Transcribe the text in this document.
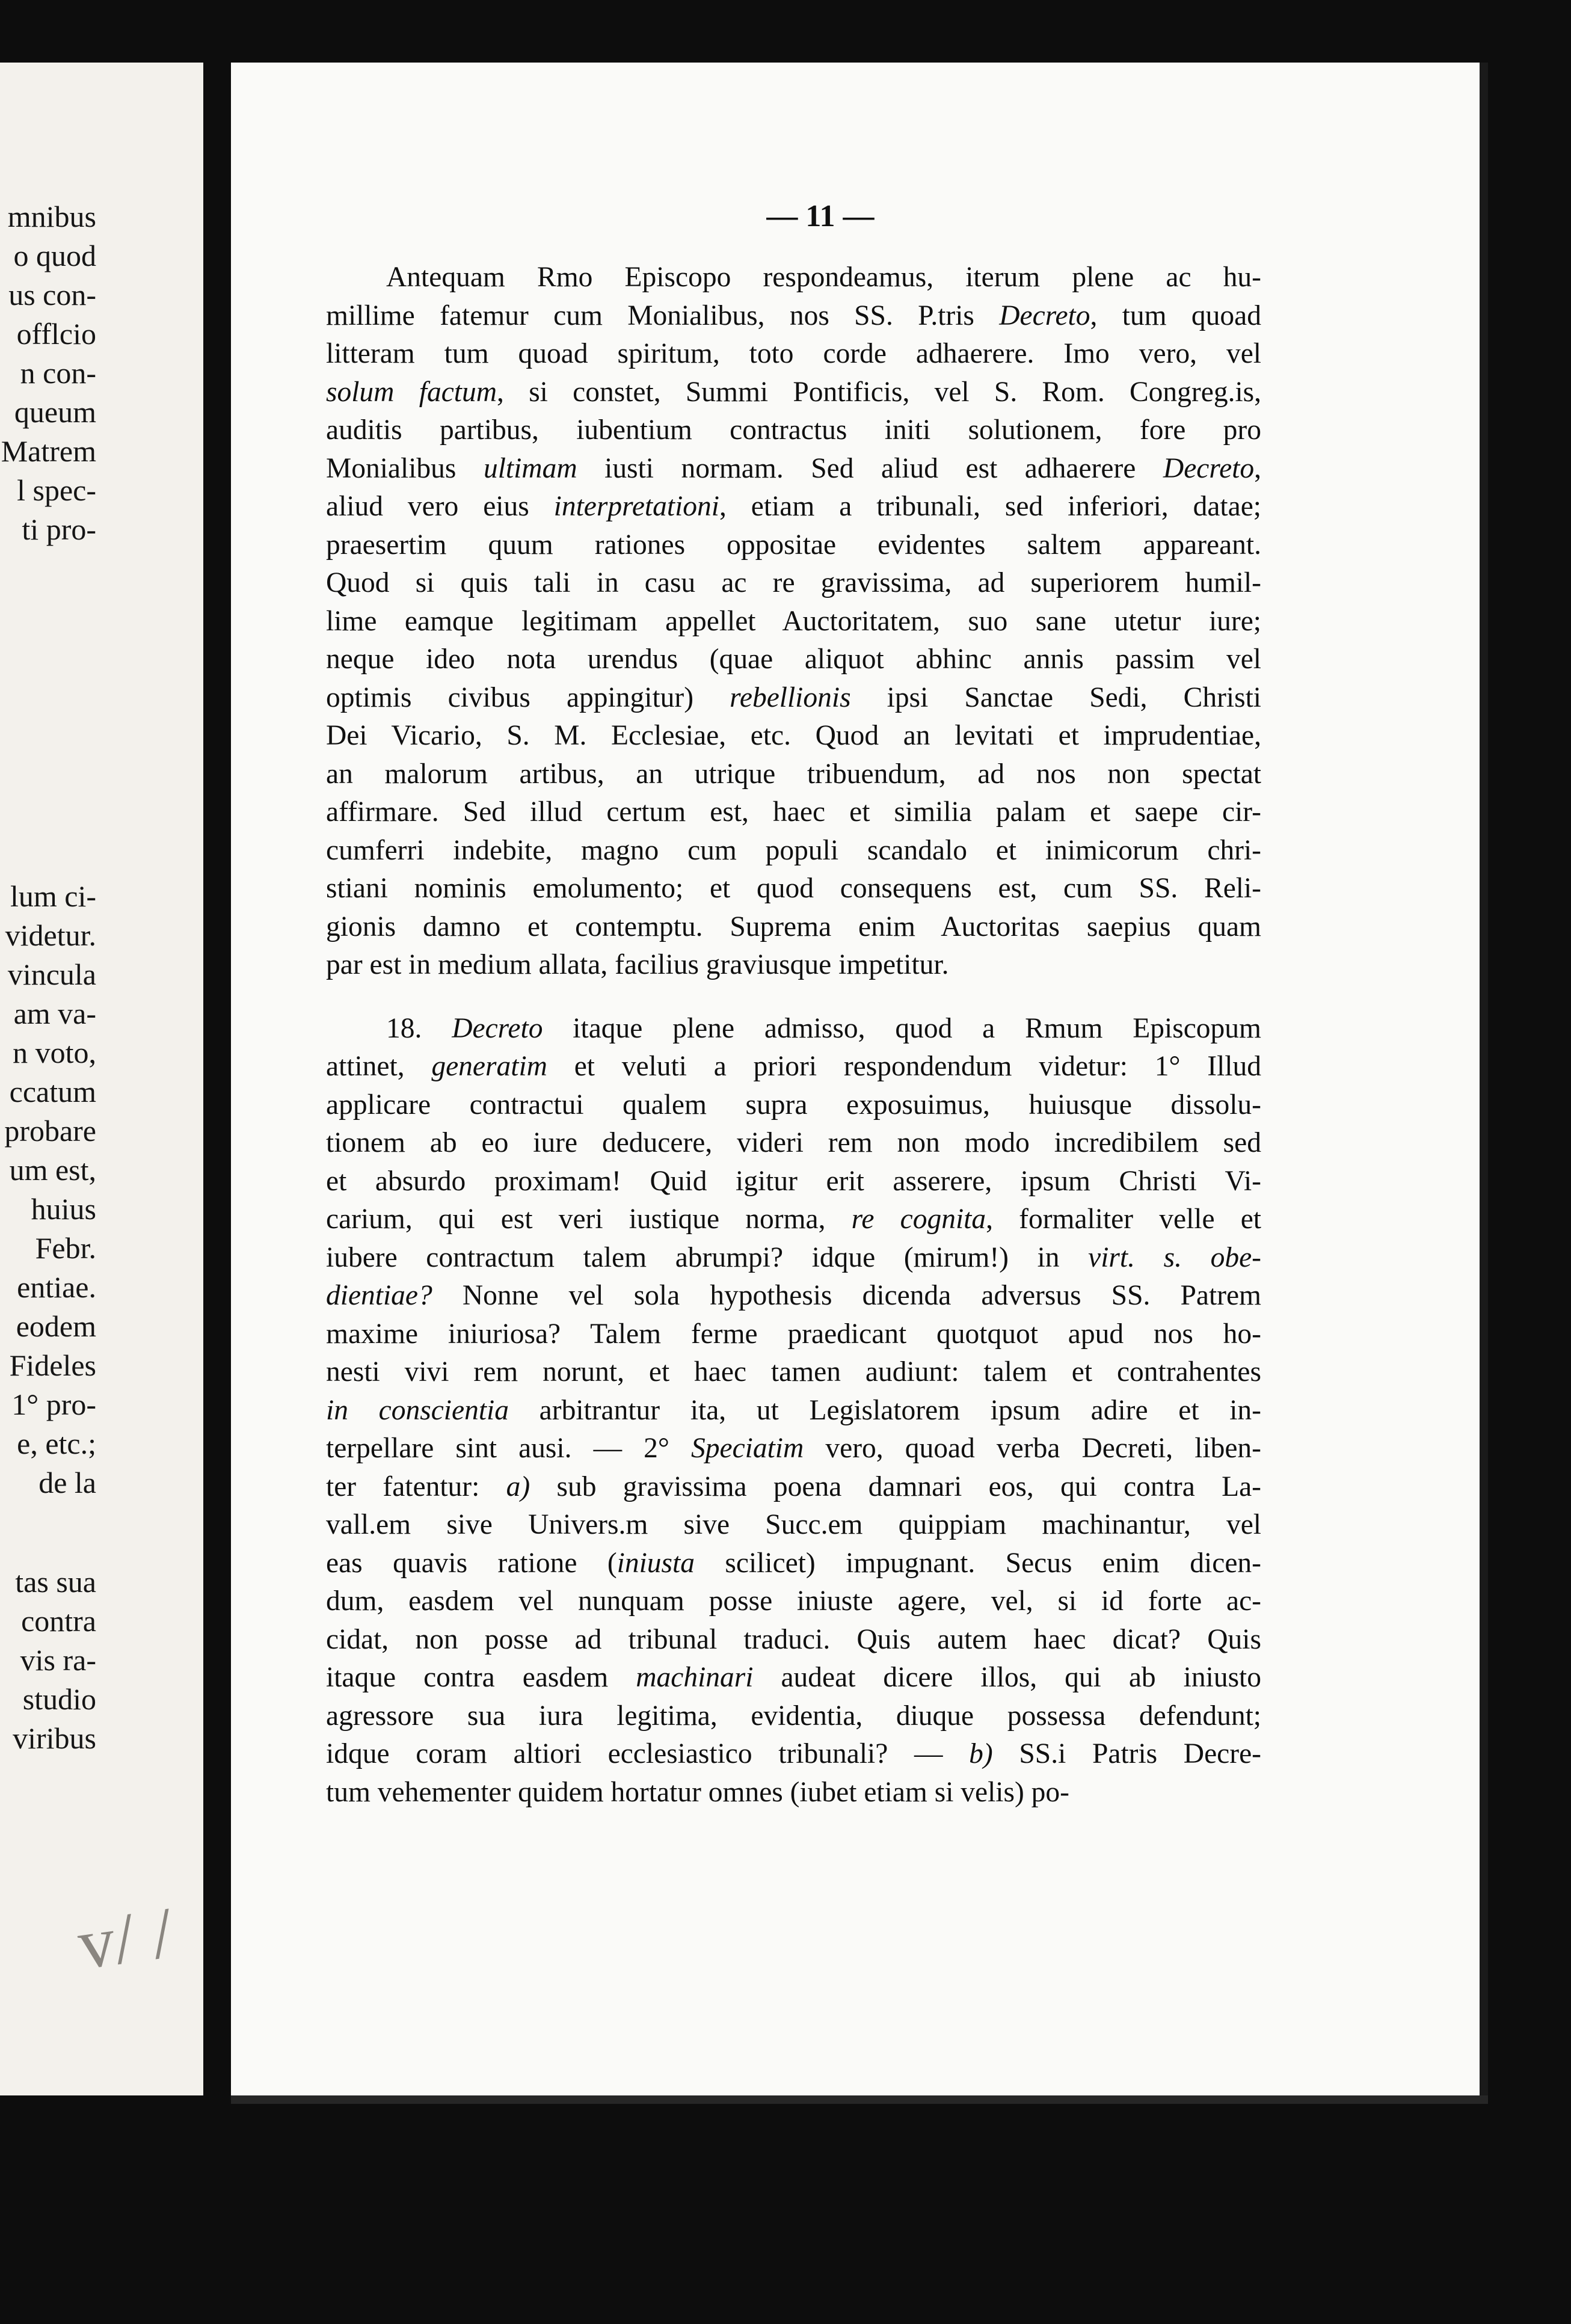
mnibus
o quod
us con-
offlcio
n con-
queum
Matrem
l spec-
ti pro-
lum ci-
videtur.
vincula
am va-
n voto,
ccatum
probare
um est,
huius
Febr.
entiae.
eodem
Fideles
1° pro-
e, etc.;
de la
tas sua
contra
vis ra-
studio
viribus
v/ /
— 11 —
Antequam Rmo Episcopo respondeamus, iterum plene ac hu-
millime fatemur cum Monialibus, nos SS. P.tris Decreto, tum quoad
litteram tum quoad spiritum, toto corde adhaerere. Imo vero, vel
solum factum, si constet, Summi Pontificis, vel S. Rom. Congreg.is,
auditis partibus, iubentium contractus initi solutionem, fore pro
Monialibus ultimam iusti normam. Sed aliud est adhaerere Decreto,
aliud vero eius interpretationi, etiam a tribunali, sed inferiori, datae;
praesertim quum rationes oppositae evidentes saltem appareant.
Quod si quis tali in casu ac re gravissima, ad superiorem humil-
lime eamque legitimam appellet Auctoritatem, suo sane utetur iure;
neque ideo nota urendus (quae aliquot abhinc annis passim vel
optimis civibus appingitur) rebellionis ipsi Sanctae Sedi, Christi
Dei Vicario, S. M. Ecclesiae, etc. Quod an levitati et imprudentiae,
an malorum artibus, an utrique tribuendum, ad nos non spectat
affirmare. Sed illud certum est, haec et similia palam et saepe cir-
cumferri indebite, magno cum populi scandalo et inimicorum chri-
stiani nominis emolumento; et quod consequens est, cum SS. Reli-
gionis damno et contemptu. Suprema enim Auctoritas saepius quam
par est in medium allata, facilius graviusque impetitur.
18. Decreto itaque plene admisso, quod a Rmum Episcopum
attinet, generatim et veluti a priori respondendum videtur: 1° Illud
applicare contractui qualem supra exposuimus, huiusque dissolu-
tionem ab eo iure deducere, videri rem non modo incredibilem sed
et absurdo proximam! Quid igitur erit asserere, ipsum Christi Vi-
carium, qui est veri iustique norma, re cognita, formaliter velle et
iubere contractum talem abrumpi? idque (mirum!) in virt. s. obe-
dientiae? Nonne vel sola hypothesis dicenda adversus SS. Patrem
maxime iniuriosa? Talem ferme praedicant quotquot apud nos ho-
nesti vivi rem norunt, et haec tamen audiunt: talem et contrahentes
in conscientia arbitrantur ita, ut Legislatorem ipsum adire et in-
terpellare sint ausi. — 2° Speciatim vero, quoad verba Decreti, liben-
ter fatentur: a) sub gravissima poena damnari eos, qui contra La-
vall.em sive Univers.m sive Succ.em quippiam machinantur, vel
eas quavis ratione (iniusta scilicet) impugnant. Secus enim dicen-
dum, easdem vel nunquam posse iniuste agere, vel, si id forte ac-
cidat, non posse ad tribunal traduci. Quis autem haec dicat? Quis
itaque contra easdem machinari audeat dicere illos, qui ab iniusto
agressore sua iura legitima, evidentia, diuque possessa defendunt;
idque coram altiori ecclesiastico tribunali? — b) SS.i Patris Decre-
tum vehementer quidem hortatur omnes (iubet etiam si velis) po-
